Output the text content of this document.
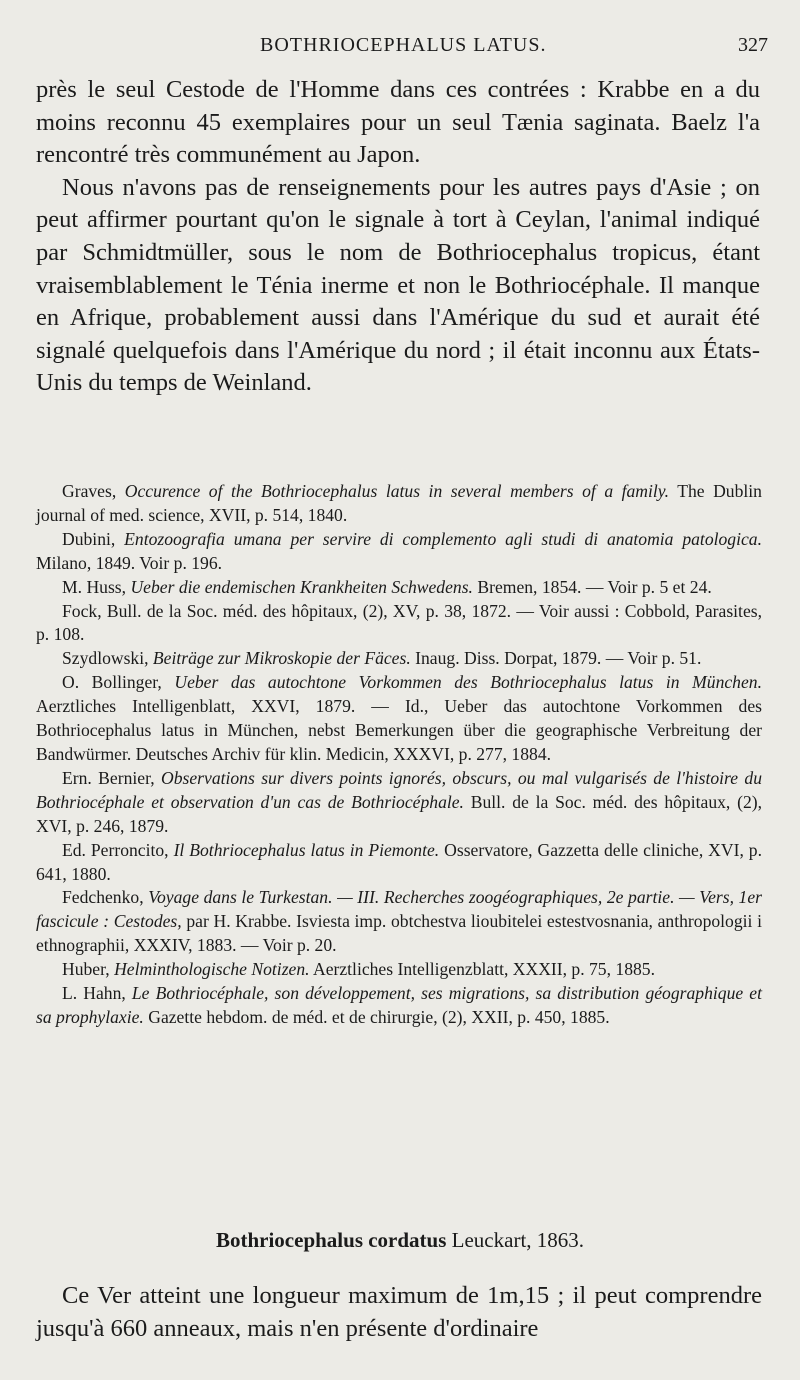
BOTHRIOCEPHALUS LATUS.	327

près le seul Cestode de l'Homme dans ces contrées : Krabbe en a du moins reconnu 45 exemplaires pour un seul Tænia saginata. Baelz l'a rencontré très communément au Japon.

Nous n'avons pas de renseignements pour les autres pays d'Asie ; on peut affirmer pourtant qu'on le signale à tort à Ceylan, l'animal indiqué par Schmidtmüller, sous le nom de Bothriocephalus tropicus, étant vraisemblablement le Ténia inerme et non le Bothriocéphale. Il manque en Afrique, probablement aussi dans l'Amérique du sud et aurait été signalé quelquefois dans l'Amérique du nord ; il était inconnu aux États-Unis du temps de Weinland.

Graves, Occurence of the Bothriocephalus latus in several members of a family. The Dublin journal of med. science, XVII, p. 514, 1840.

Dubini, Entozoografia umana per servire di complemento agli studi di anatomia patologica. Milano, 1849. Voir p. 196.

M. Huss, Ueber die endemischen Krankheiten Schwedens. Bremen, 1854. — Voir p. 5 et 24.

Fock, Bull. de la Soc. méd. des hôpitaux, (2), XV, p. 38, 1872. — Voir aussi : Cobbold, Parasites, p. 108.

Szydlowski, Beiträge zur Mikroskopie der Fäces. Inaug. Diss. Dorpat, 1879. — Voir p. 51.

O. Bollinger, Ueber das autochtone Vorkommen des Bothriocephalus latus in München. Aerztliches Intelligenblatt, XXVI, 1879. — Id., Ueber das autochtone Vorkommen des Bothriocephalus latus in München, nebst Bemerkungen über die geographische Verbreitung der Bandwürmer. Deutsches Archiv für klin. Medicin, XXXVI, p. 277, 1884.

Ern. Bernier, Observations sur divers points ignorés, obscurs, ou mal vulgarisés de l'histoire du Bothriocéphale et observation d'un cas de Bothriocéphale. Bull. de la Soc. méd. des hôpitaux, (2), XVI, p. 246, 1879.

Ed. Perroncito, Il Bothriocephalus latus in Piemonte. Osservatore, Gazzetta delle cliniche, XVI, p. 641, 1880.

Fedchenko, Voyage dans le Turkestan. — III. Recherches zoogéographiques, 2e partie. — Vers, 1er fascicule : Cestodes, par H. Krabbe. Isviesta imp. obtchestva lioubitelei estestvosnania, anthropologii i ethnographii, XXXIV, 1883. — Voir p. 20.

Huber, Helminthologische Notizen. Aerztliches Intelligenzblatt, XXXII, p. 75, 1885.

L. Hahn, Le Bothriocéphale, son développement, ses migrations, sa distribution géographique et sa prophylaxie. Gazette hebdom. de méd. et de chirurgie, (2), XXII, p. 450, 1885.

Bothriocephalus cordatus Leuckart, 1863.

Ce Ver atteint une longueur maximum de 1m,15 ; il peut comprendre jusqu'à 660 anneaux, mais n'en présente d'ordinaire
